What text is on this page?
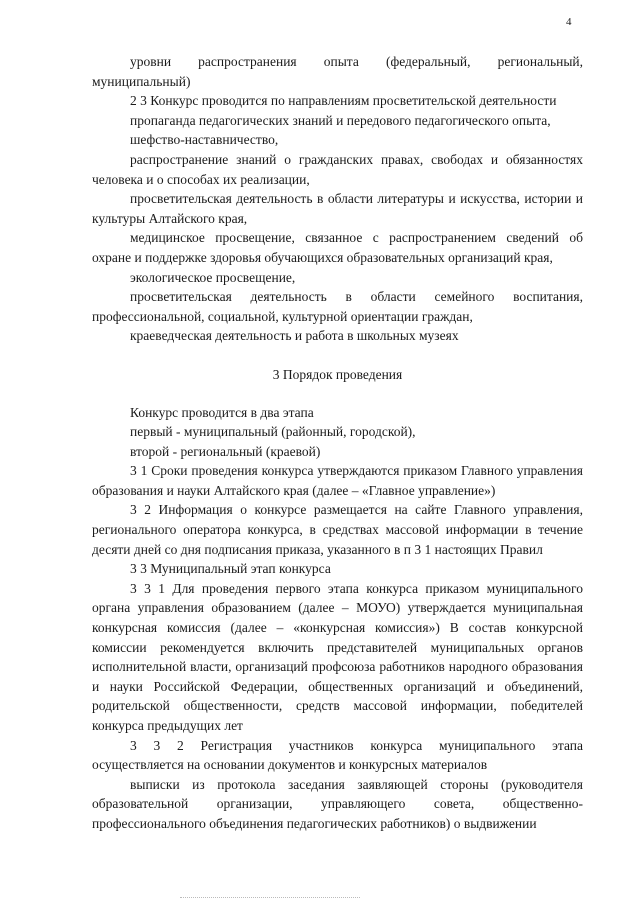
4

уровни распространения опыта (федеральный, региональный, муниципальный)

2 3 Конкурс проводится по направлениям просветительской деятельности

пропаганда педагогических знаний и передового педагогического опыта,

шефство-наставничество,

распространение знаний о гражданских правах, свободах и обязанностях человека и о способах их реализации,

просветительская деятельность в области литературы и искусства, истории и культуры Алтайского края,

медицинское просвещение, связанное с распространением сведений об охране и поддержке здоровья обучающихся образовательных организаций края,

экологическое просвещение,

просветительская деятельность в области семейного воспитания, профессиональной, социальной, культурной ориентации граждан,

краеведческая деятельность и работа в школьных музеях

3 Порядок проведения

Конкурс проводится в два этапа

первый - муниципальный (районный, городской),

второй - региональный (краевой)

3 1 Сроки проведения конкурса утверждаются приказом Главного управления образования и науки Алтайского края (далее – «Главное управление»)

3 2 Информация о конкурсе размещается на сайте Главного управления, регионального оператора конкурса, в средствах массовой информации в течение десяти дней со дня подписания приказа, указанного в п 3 1 настоящих Правил

3 3 Муниципальный этап конкурса

3 3 1 Для проведения первого этапа конкурса приказом муниципального органа управления образованием (далее – МОУО) утверждается муниципальная конкурсная комиссия (далее – «конкурсная комиссия») В состав конкурсной комиссии рекомендуется включить представителей муниципальных органов исполнительной власти, организаций профсоюза работников народного образования и науки Российской Федерации, общественных организаций и объединений, родительской общественности, средств массовой информации, победителей конкурса предыдущих лет

3 3 2 Регистрация участников конкурса муниципального этапа осуществляется на основании документов и конкурсных материалов

выписки из протокола заседания заявляющей стороны (руководителя образовательной организации, управляющего совета, общественно-профессионального объединения педагогических работников) о выдвижении
